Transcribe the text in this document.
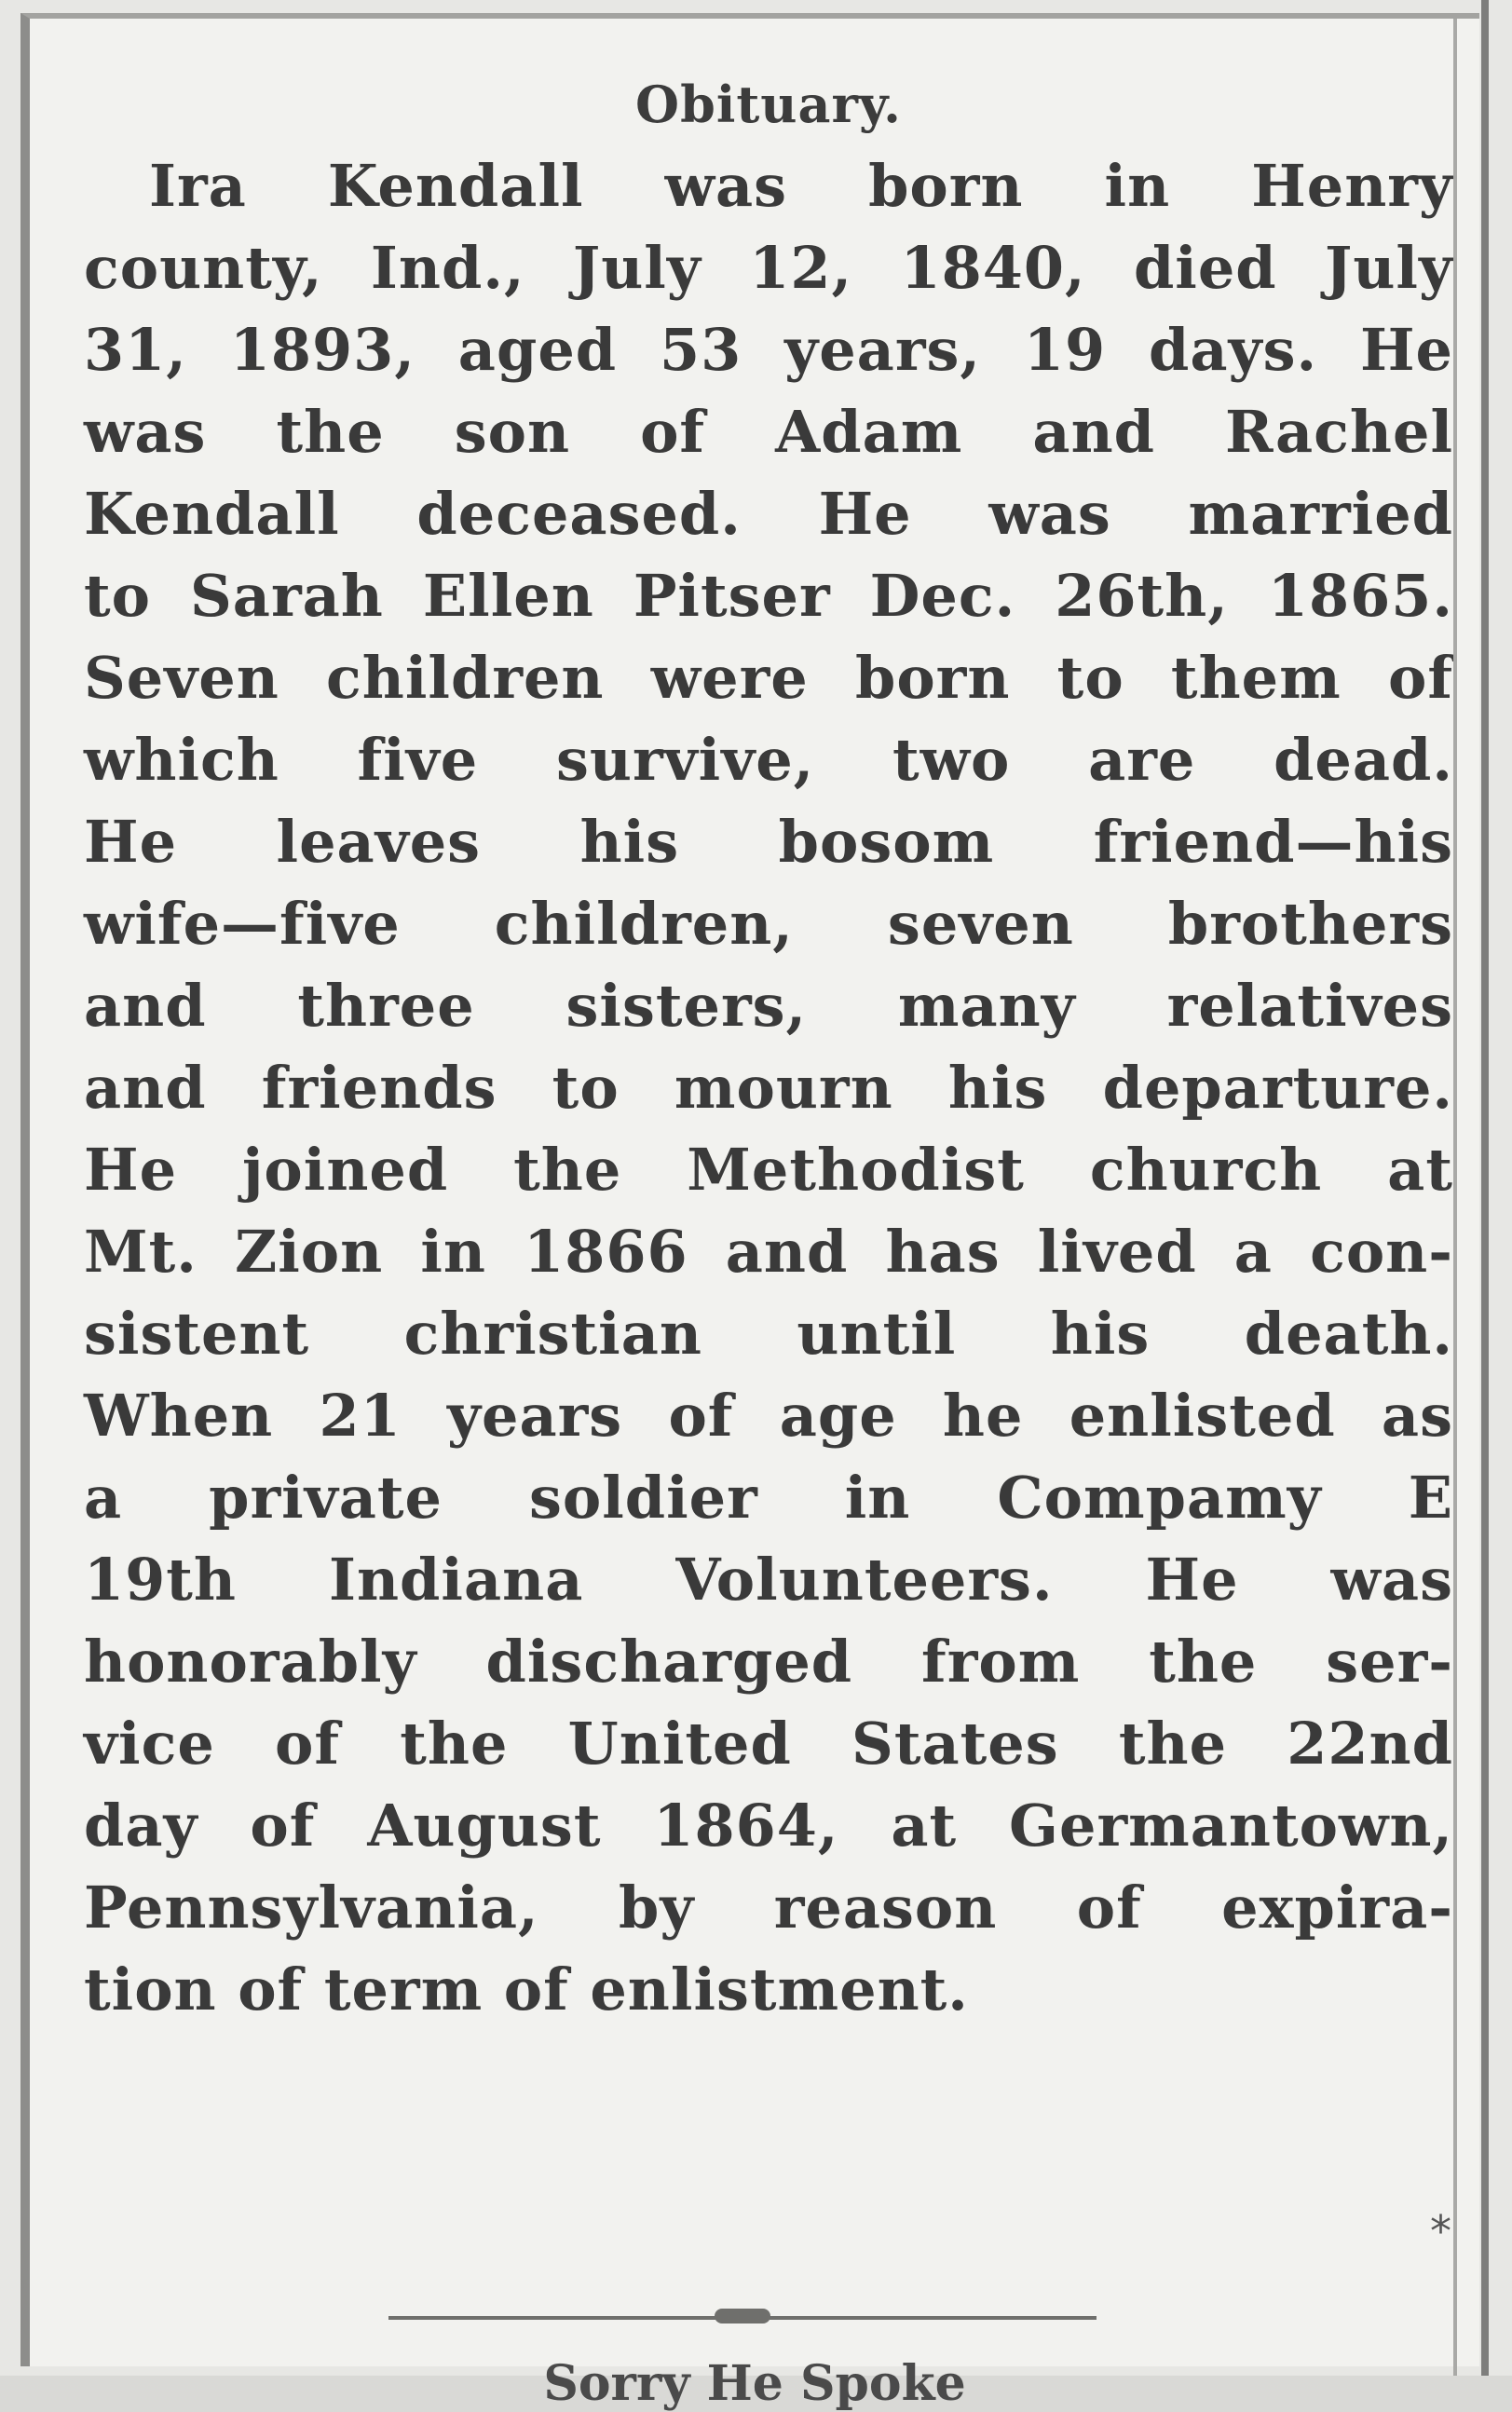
Obituary.
Ira Kendall was born in Henry
county, Ind., July 12, 1840, died July
31, 1893, aged 53 years, 19 days. He
was the son of Adam and Rachel
Kendall deceased. He was married
to Sarah Ellen Pitser Dec. 26th, 1865.
Seven children were born to them of
which five survive, two are dead.
He leaves his bosom friend—his
wife—five children, seven brothers
and three sisters, many relatives
and friends to mourn his departure.
He joined the Methodist church at
Mt. Zion in 1866 and has lived a con-
sistent christian until his death.
When 21 years of age he enlisted as
a private soldier in Compamy E
19th Indiana Volunteers. He was
honorably discharged from the ser-
vice of the United States the 22nd
day of August 1864, at Germantown,
Pennsylvania, by reason of expira-
tion of term of enlistment.
*
Sorry He Spoke
